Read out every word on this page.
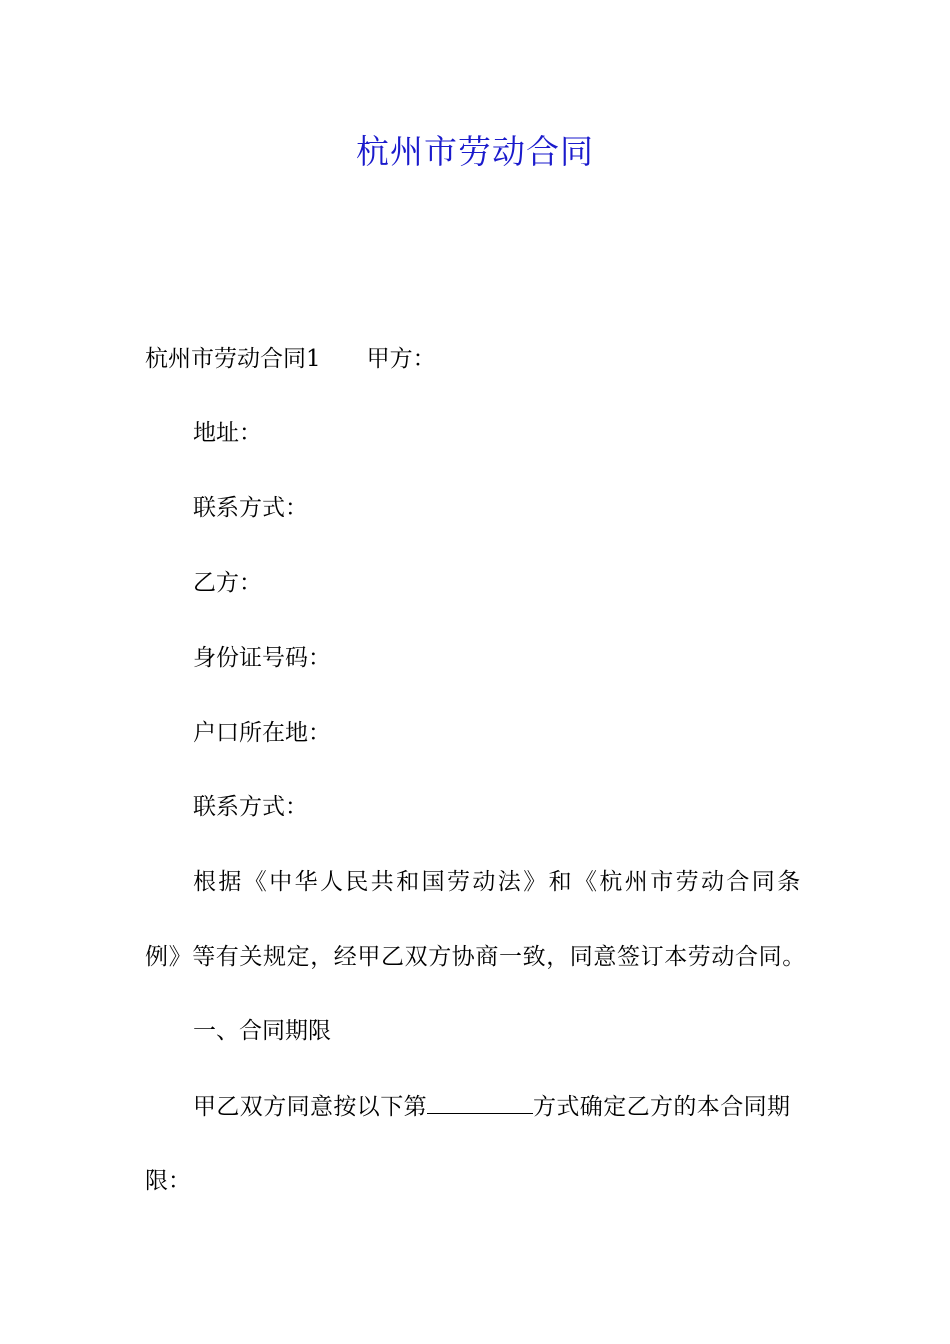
杭州市劳动合同
杭州市劳动合同1 甲方：
地址：
联系方式：
乙方：
身份证号码：
户口所在地：
联系方式：
根据《中华人民共和国劳动法》和《杭州市劳动合同条
例》等有关规定，经甲乙双方协商一致，同意签订本劳动合同。
一、合同期限
甲乙双方同意按以下第	方式确定乙方的本合同期
限：
